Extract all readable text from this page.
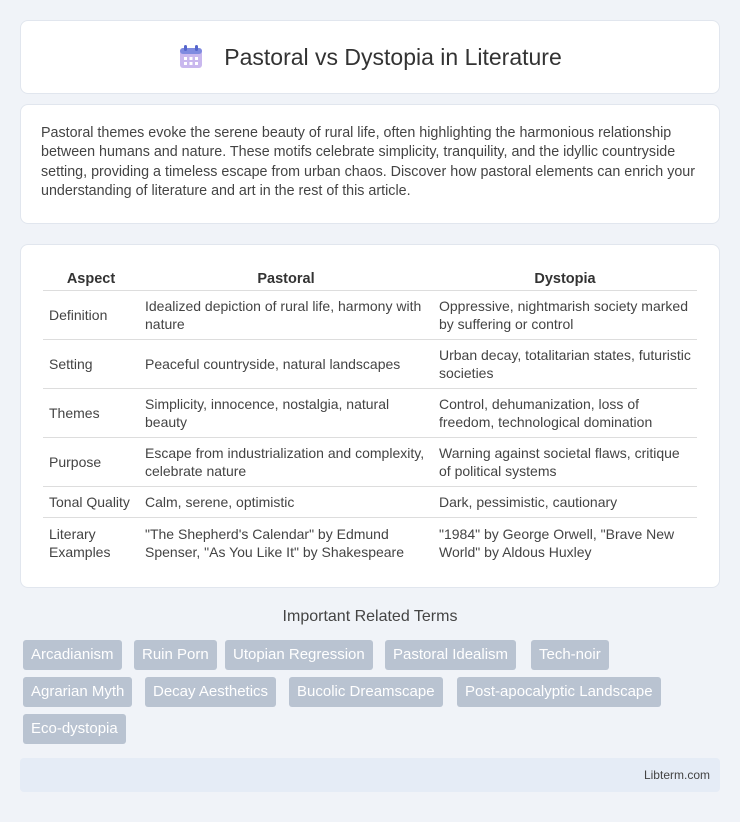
Pastoral vs Dystopia in Literature

Pastoral themes evoke the serene beauty of rural life, often highlighting the harmonious relationship between humans and nature. These motifs celebrate simplicity, tranquility, and the idyllic countryside setting, providing a timeless escape from urban chaos. Discover how pastoral elements can enrich your understanding of literature and art in the rest of this article.

Aspect	Pastoral	Dystopia
Definition	Idealized depiction of rural life, harmony with nature	Oppressive, nightmarish society marked by suffering or control
Setting	Peaceful countryside, natural landscapes	Urban decay, totalitarian states, futuristic societies
Themes	Simplicity, innocence, nostalgia, natural beauty	Control, dehumanization, loss of freedom, technological domination
Purpose	Escape from industrialization and complexity, celebrate nature	Warning against societal flaws, critique of political systems
Tonal Quality	Calm, serene, optimistic	Dark, pessimistic, cautionary
Literary Examples	"The Shepherd's Calendar" by Edmund Spenser, "As You Like It" by Shakespeare	"1984" by George Orwell, "Brave New World" by Aldous Huxley
Important Related Terms
Arcadianism	Ruin Porn	Utopian Regression	Pastoral Idealism	Tech-noir
Agrarian Myth	Decay Aesthetics	Bucolic Dreamscape	Post-apocalyptic Landscape
Eco-dystopia
Libterm.com
